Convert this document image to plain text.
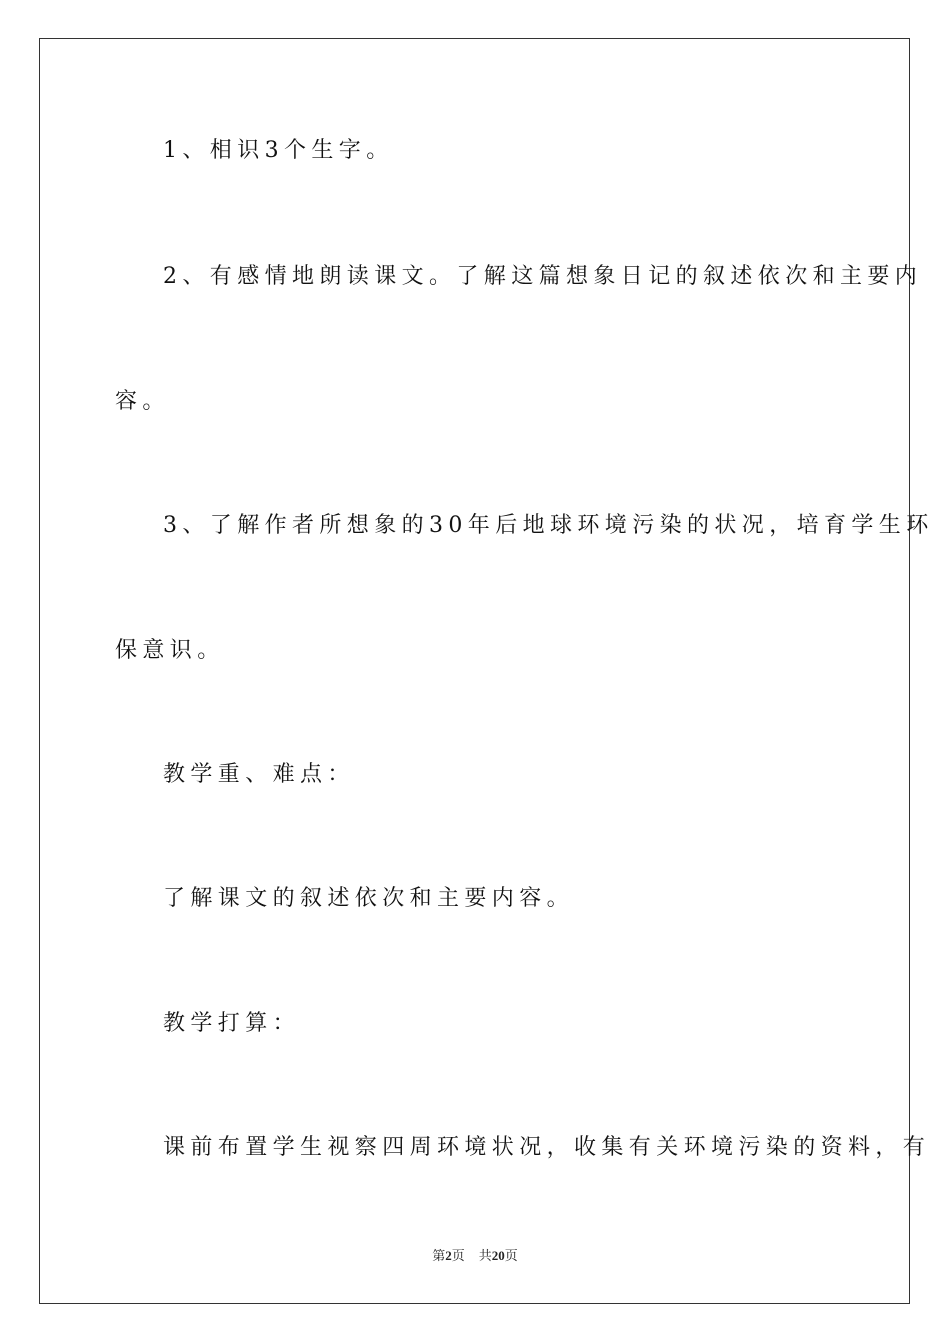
1、相识3个生字。
2、有感情地朗读课文。了解这篇想象日记的叙述依次和主要内
容。
3、了解作者所想象的30年后地球环境污染的状况，培育学生环
保意识。
教学重、难点：
了解课文的叙述依次和主要内容。
教学打算：
课前布置学生视察四周环境状况，收集有关环境污染的资料，有
第2页 共20页
